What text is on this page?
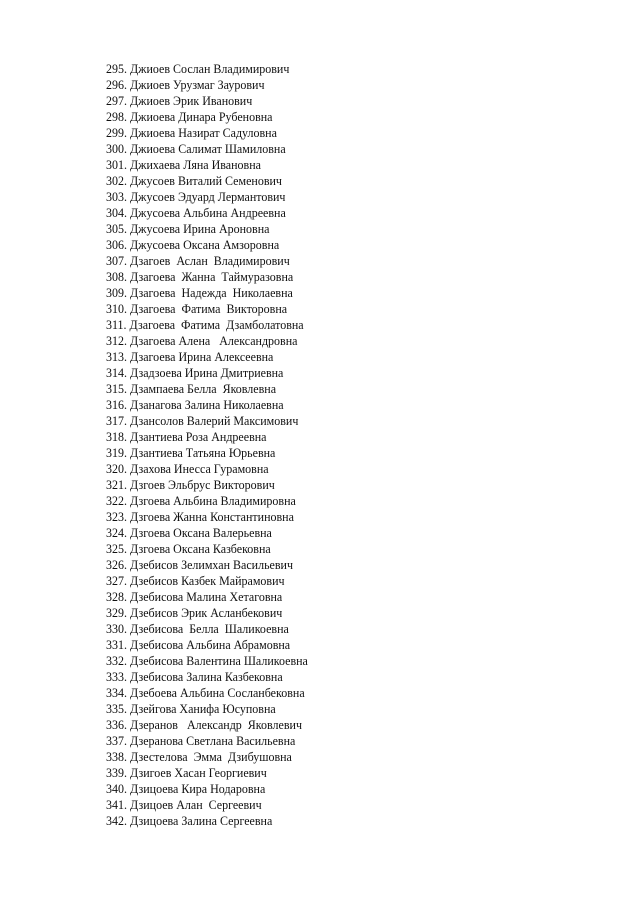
295. Джиоев Сослан Владимирович
296. Джиоев Урузмаг Заурович
297. Джиоев Эрик Иванович
298. Джиоева Динара Рубеновна
299. Джиоева Назират Садуловна
300. Джиоева Салимат Шамиловна
301. Джихаева Ляна Ивановна
302. Джусоев Виталий Семенович
303. Джусоев Эдуард Лермантович
304. Джусоева Альбина Андреевна
305. Джусоева Ирина Ароновна
306. Джусоева Оксана Амзоровна
307. Дзагоев  Аслан  Владимирович
308. Дзагоева  Жанна  Таймуразовна
309. Дзагоева  Надежда  Николаевна
310. Дзагоева  Фатима  Викторовна
311. Дзагоева  Фатима  Дзамболатовна
312. Дзагоева Алена   Александровна
313. Дзагоева Ирина Алексеевна
314. Дзадзоева Ирина Дмитриевна
315. Дзампаева Белла  Яковлевна
316. Дзанагова Залина Николаевна
317. Дзансолов Валерий Максимович
318. Дзантиева Роза Андреевна
319. Дзантиева Татьяна Юрьевна
320. Дзахова Инесса Гурамовна
321. Дзгоев Эльбрус Викторович
322. Дзгоева Альбина Владимировна
323. Дзгоева Жанна Константиновна
324. Дзгоева Оксана Валерьевна
325. Дзгоева Оксана Казбековна
326. Дзебисов Зелимхан Васильевич
327. Дзебисов Казбек Майрамович
328. Дзебисова Малина Хетаговна
329. Дзебисов Эрик Асланбекович
330. Дзебисова  Белла  Шаликоевна
331. Дзебисова Альбина Абрамовна
332. Дзебисова Валентина Шаликоевна
333. Дзебисова Залина Казбековна
334. Дзебоева Альбина Сосланбековна
335. Дзейгова Ханифа Юсуповна
336. Дзеранов   Александр  Яковлевич
337. Дзеранова Светлана Васильевна
338. Дзестелова  Эмма  Дзибушовна
339. Дзигоев Хасан Георгиевич
340. Дзицоева Кира Нодаровна
341. Дзицоев Алан  Сергеевич
342. Дзицоева Залина Сергеевна
